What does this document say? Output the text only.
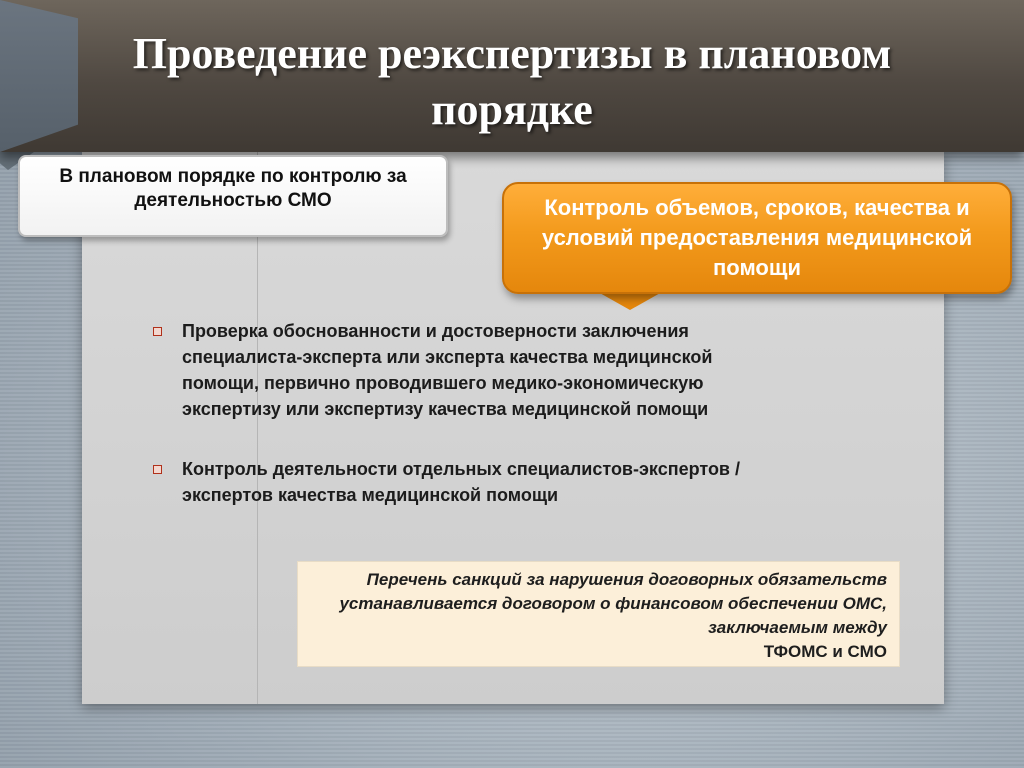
Проведение реэкспертизы в плановом порядке
В плановом порядке по контролю за деятельностью СМО	Контроль объемов, сроков, качества и условий предоставления медицинской помощи
Проверка обоснованности и достоверности заключения специалиста-эксперта или эксперта качества медицинской помощи, первично проводившего медико-экономическую экспертизу или экспертизу качества медицинской помощи
Контроль деятельности отдельных специалистов-экспертов / экспертов качества медицинской помощи
Перечень санкций за нарушения договорных обязательств устанавливается договором о финансовом обеспечении ОМС, заключаемым между
ТФОМС и СМО
